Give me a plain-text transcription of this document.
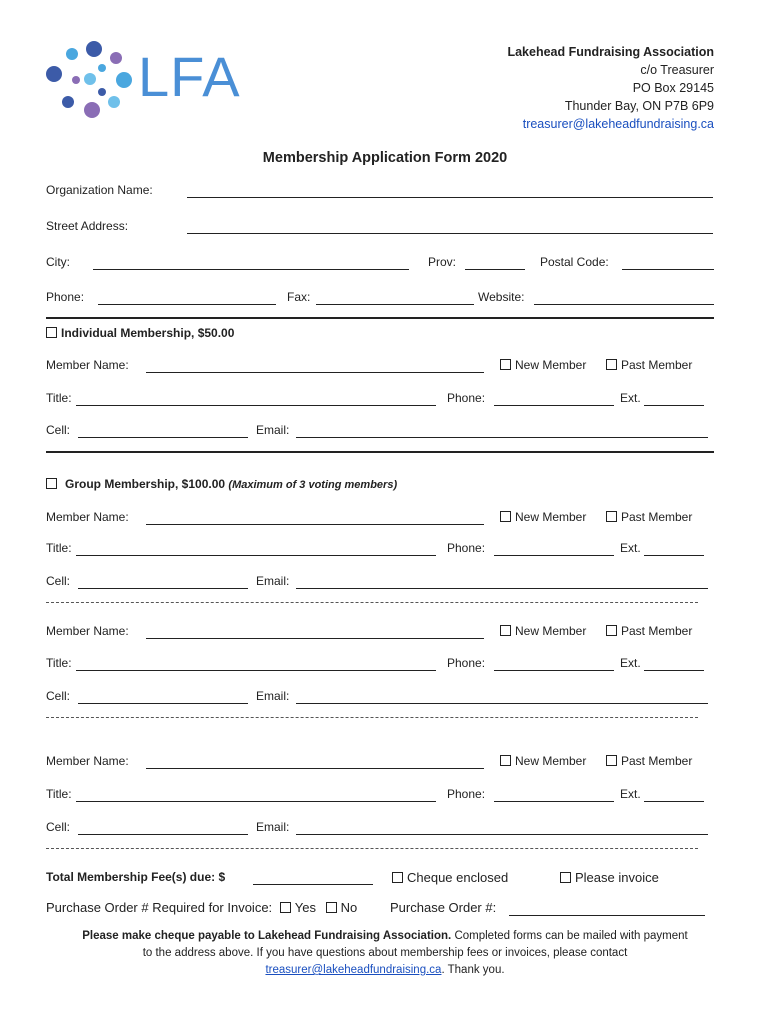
LFA	Lakehead Fundraising Association
c/o Treasurer
PO Box 29145
Thunder Bay, ON P7B 6P9
treasurer@lakeheadfundraising.ca
Membership Application Form 2020
Organization Name:
Street Address:
City:	Prov:	Postal Code:
Phone:	Fax:	Website:
Individual Membership, $50.00
Member Name:	New Member	Past Member
Title:	Phone:	Ext.
Cell:	Email:
Group Membership, $100.00 (Maximum of 3 voting members)
Member Name:	New Member	Past Member
Title:	Phone:	Ext.
Cell:	Email:
Member Name:	New Member	Past Member
Title:	Phone:	Ext.
Cell:	Email:
Member Name:	New Member	Past Member
Title:	Phone:	Ext.
Cell:	Email:
Total Membership Fee(s) due: $	Cheque enclosed	Please invoice
Purchase Order # Required for Invoice: Yes No	Purchase Order #:
Please make cheque payable to Lakehead Fundraising Association. Completed forms can be mailed with payment
to the address above. If you have questions about membership fees or invoices, please contact
treasurer@lakeheadfundraising.ca. Thank you.
